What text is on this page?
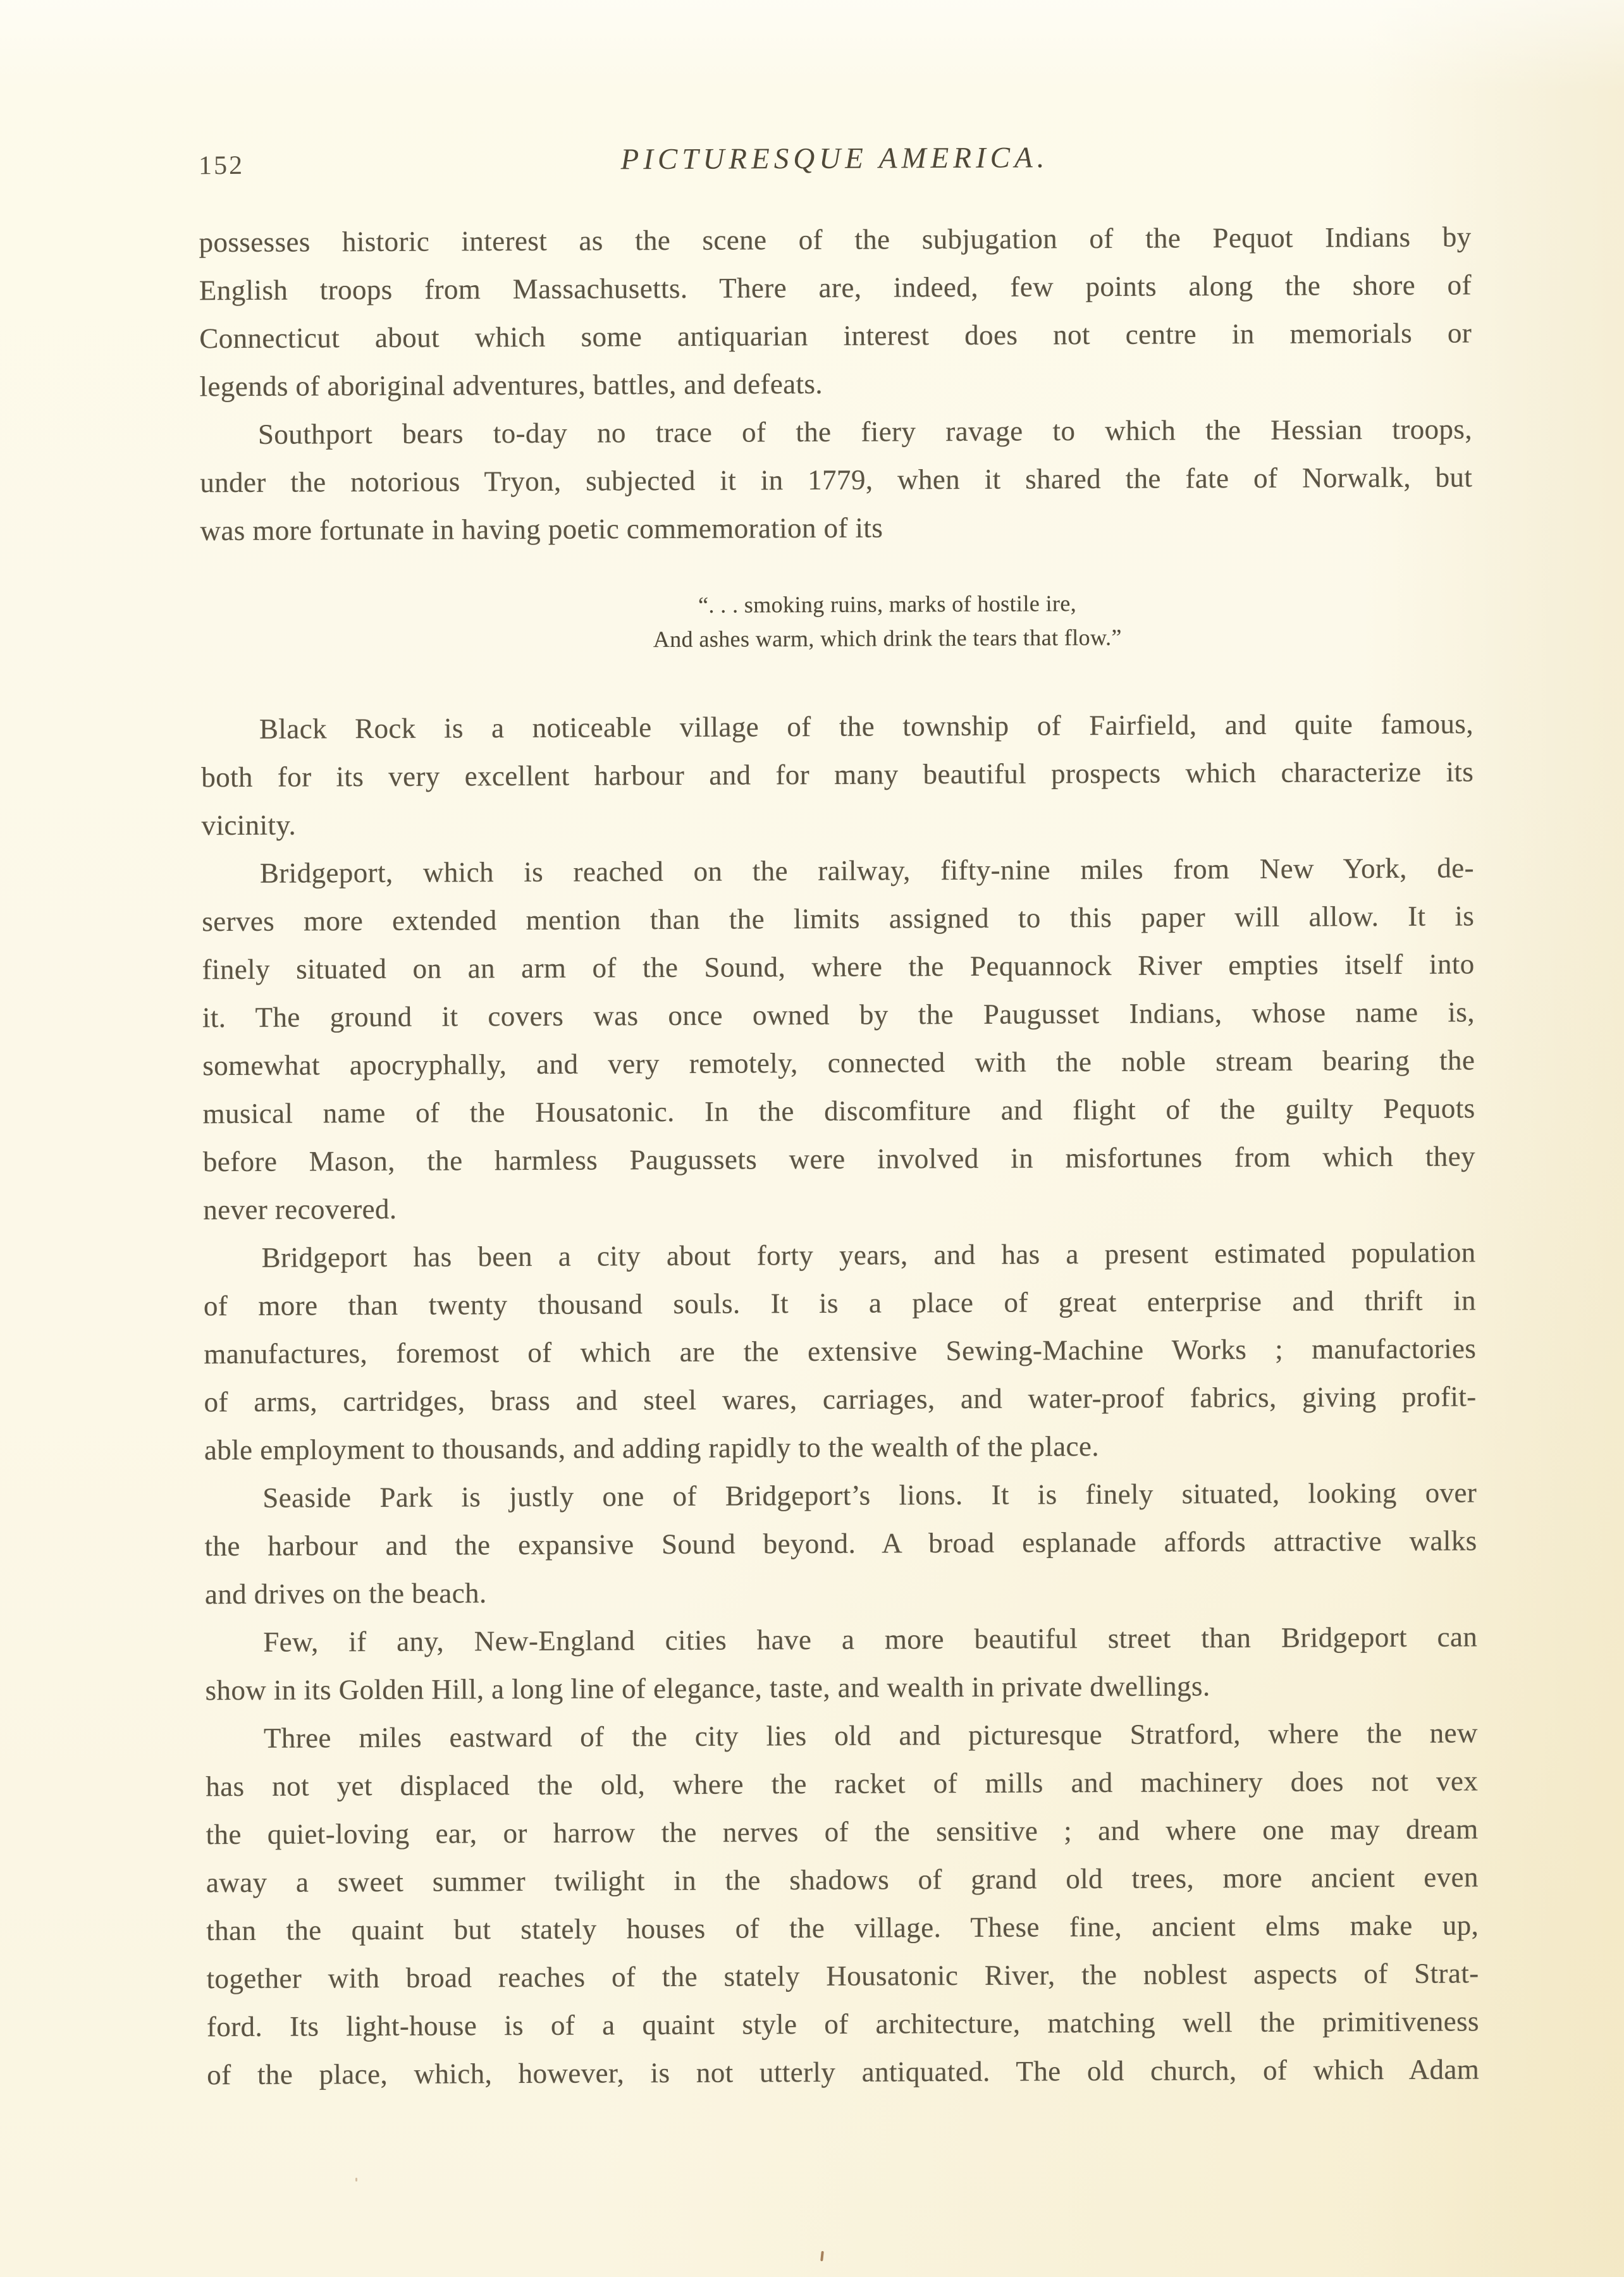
152	PICTURESQUE AMERICA.
possesses historic interest as the scene of the subjugation of the Pequot Indians by
English troops from Massachusetts. There are, indeed, few points along the shore of
Connecticut about which some antiquarian interest does not centre in memorials or
legends of aboriginal adventures, battles, and defeats.
Southport bears to-day no trace of the fiery ravage to which the Hessian troops,
under the notorious Tryon, subjected it in 1779, when it shared the fate of Norwalk, but
was more fortunate in having poetic commemoration of its
“. . . smoking ruins, marks of hostile ire,
And ashes warm, which drink the tears that flow.”
Black Rock is a noticeable village of the township of Fairfield, and quite famous,
both for its very excellent harbour and for many beautiful prospects which characterize its
vicinity.
Bridgeport, which is reached on the railway, fifty-nine miles from New York, de-
serves more extended mention than the limits assigned to this paper will allow. It is
finely situated on an arm of the Sound, where the Pequannock River empties itself into
it. The ground it covers was once owned by the Paugusset Indians, whose name is,
somewhat apocryphally, and very remotely, connected with the noble stream bearing the
musical name of the Housatonic. In the discomfiture and flight of the guilty Pequots
before Mason, the harmless Paugussets were involved in misfortunes from which they
never recovered.
Bridgeport has been a city about forty years, and has a present estimated population
of more than twenty thousand souls. It is a place of great enterprise and thrift in
manufactures, foremost of which are the extensive Sewing-Machine Works ; manufactories
of arms, cartridges, brass and steel wares, carriages, and water-proof fabrics, giving profit-
able employment to thousands, and adding rapidly to the wealth of the place.
Seaside Park is justly one of Bridgeport’s lions. It is finely situated, looking over
the harbour and the expansive Sound beyond. A broad esplanade affords attractive walks
and drives on the beach.
Few, if any, New-England cities have a more beautiful street than Bridgeport can
show in its Golden Hill, a long line of elegance, taste, and wealth in private dwellings.
Three miles eastward of the city lies old and picturesque Stratford, where the new
has not yet displaced the old, where the racket of mills and machinery does not vex
the quiet-loving ear, or harrow the nerves of the sensitive ; and where one may dream
away a sweet summer twilight in the shadows of grand old trees, more ancient even
than the quaint but stately houses of the village. These fine, ancient elms make up,
together with broad reaches of the stately Housatonic River, the noblest aspects of Strat-
ford. Its light-house is of a quaint style of architecture, matching well the primitiveness
of the place, which, however, is not utterly antiquated. The old church, of which Adam
